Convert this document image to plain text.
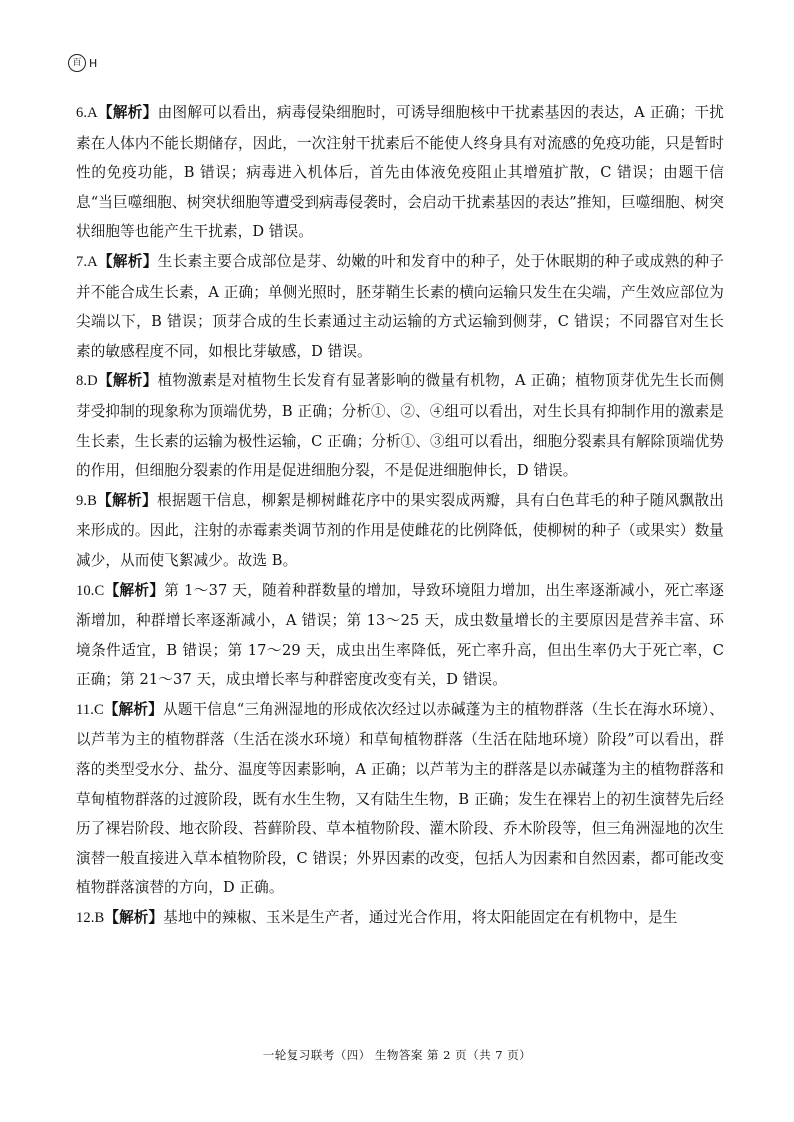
百 H

6.A【解析】由图解可以看出，病毒侵染细胞时，可诱导细胞核中干扰素基因的表达，A 正确；干扰素在人体内不能长期储存，因此，一次注射干扰素后不能使人终身具有对流感的免疫功能，只是暂时性的免疫功能，B 错误；病毒进入机体后，首先由体液免疫阻止其增殖扩散，C 错误；由题干信息“当巨噬细胞、树突状细胞等遭受到病毒侵袭时，会启动干扰素基因的表达”推知，巨噬细胞、树突状细胞等也能产生干扰素，D 错误。

7.A【解析】生长素主要合成部位是芽、幼嫩的叶和发育中的种子，处于休眠期的种子或成熟的种子并不能合成生长素，A 正确；单侧光照时，胚芽鞘生长素的横向运输只发生在尖端，产生效应部位为尖端以下，B 错误；顶芽合成的生长素通过主动运输的方式运输到侧芽，C 错误；不同器官对生长素的敏感程度不同，如根比芽敏感，D 错误。

8.D【解析】植物激素是对植物生长发育有显著影响的微量有机物，A 正确；植物顶芽优先生长而侧芽受抑制的现象称为顶端优势，B 正确；分析①、②、④组可以看出，对生长具有抑制作用的激素是生长素，生长素的运输为极性运输，C 正确；分析①、③组可以看出，细胞分裂素具有解除顶端优势的作用，但细胞分裂素的作用是促进细胞分裂，不是促进细胞伸长，D 错误。

9.B【解析】根据题干信息，柳絮是柳树雌花序中的果实裂成两瓣，具有白色茸毛的种子随风飘散出来形成的。因此，注射的赤霉素类调节剂的作用是使雌花的比例降低，使柳树的种子（或果实）数量减少，从而使飞絮减少。故选 B。

10.C【解析】第 1～37 天，随着种群数量的增加，导致环境阻力增加，出生率逐渐减小，死亡率逐渐增加，种群增长率逐渐减小，A 错误；第 13～25 天，成虫数量增长的主要原因是营养丰富、环境条件适宜，B 错误；第 17～29 天，成虫出生率降低，死亡率升高，但出生率仍大于死亡率，C 正确；第 21～37 天，成虫增长率与种群密度改变有关，D 错误。

11.C【解析】从题干信息“三角洲湿地的形成依次经过以赤碱蓬为主的植物群落（生长在海水环境）、以芦苇为主的植物群落（生活在淡水环境）和草甸植物群落（生活在陆地环境）阶段”可以看出，群落的类型受水分、盐分、温度等因素影响，A 正确；以芦苇为主的群落是以赤碱蓬为主的植物群落和草甸植物群落的过渡阶段，既有水生生物，又有陆生生物，B 正确；发生在裸岩上的初生演替先后经历了裸岩阶段、地衣阶段、苔藓阶段、草本植物阶段、灌木阶段、乔木阶段等，但三角洲湿地的次生演替一般直接进入草本植物阶段，C 错误；外界因素的改变，包括人为因素和自然因素，都可能改变植物群落演替的方向，D 正确。

12.B【解析】基地中的辣椒、玉米是生产者，通过光合作用，将太阳能固定在有机物中，是生

一轮复习联考（四） 生物答案 第 2 页（共 7 页）
